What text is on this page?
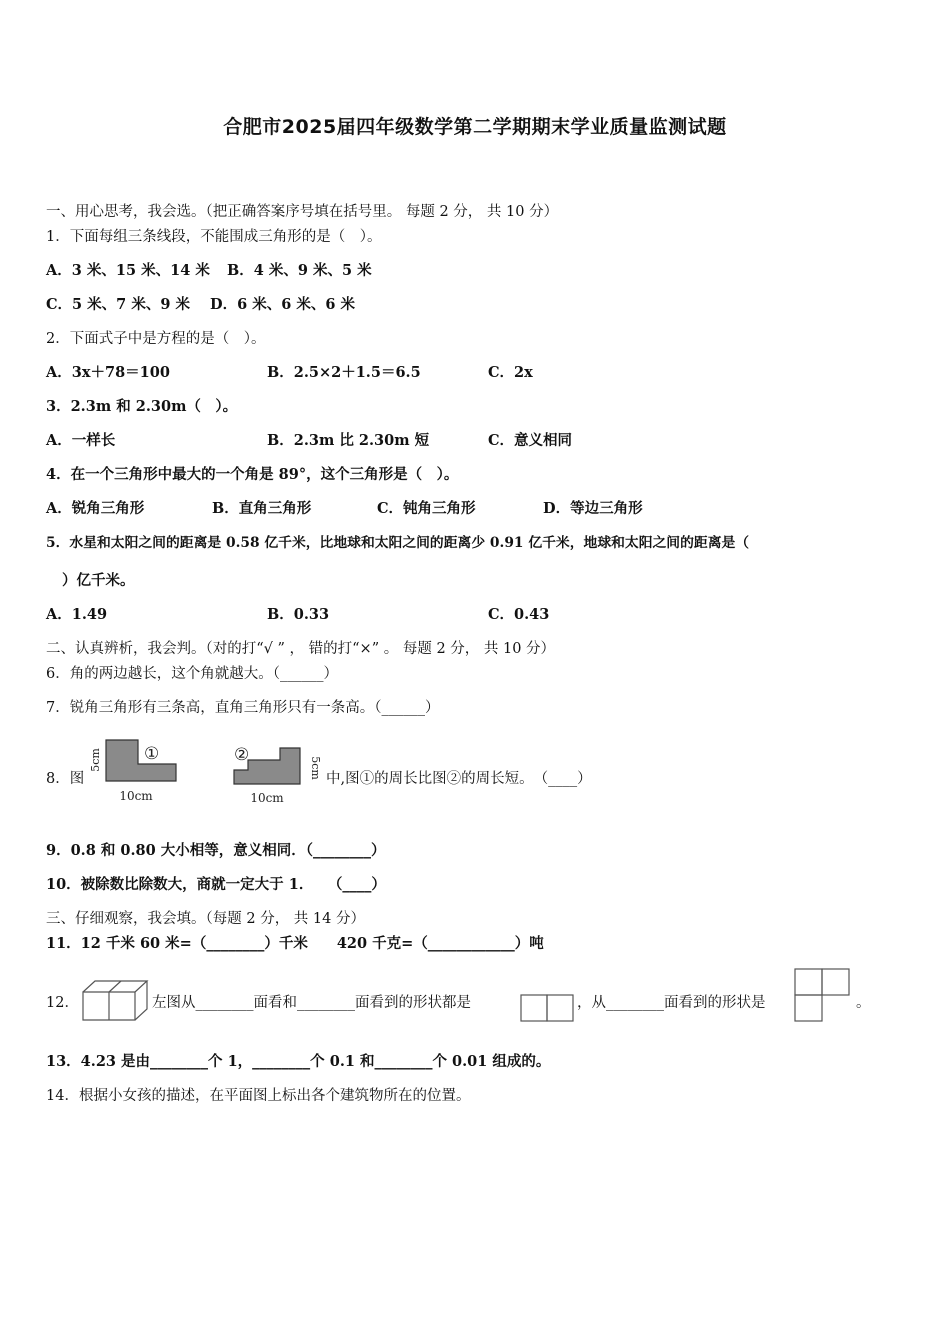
合肥市2025届四年级数学第二学期期末学业质量监测试题
一、用心思考，我会选。（把正确答案序号填在括号里。 每题 2 分， 共 10 分）
1．下面每组三条线段，不能围成三角形的是（　）。
A．3 米、15 米、14 米 B．4 米、9 米、5 米
C．5 米、7 米、9 米 D．6 米、6 米、6 米
2．下面式子中是方程的是（　）。
A．3x＋78＝100	B．2.5×2＋1.5＝6.5	C．2x
3．2.3m 和 2.30m（　）。
A．一样长	B．2.3m 比 2.30m 短	C．意义相同
4．在一个三角形中最大的一个角是 89°，这个三角形是（　）。
A．锐角三角形	B．直角三角形	C．钝角三角形	D．等边三角形
5．水星和太阳之间的距离是 0.58 亿千米，比地球和太阳之间的距离少 0.91 亿千米，地球和太阳之间的距离是（
）亿千米。
A．1.49	B．0.33	C．0.43
二、认真辨析，我会判。（对的打“√ ” ， 错的打“×” 。 每题 2 分， 共 10 分）
6．角的两边越长，这个角就越大。（______）
7．锐角三角形有三条高，直角三角形只有一条高。（______）
8．图
5cm ①
10cm
②
5cm
10cm
中,图①的周长比图②的周长短。　（____）
9．0.8 和 0.80 大小相等，意义相同．（________）
10．被除数比除数大，商就一定大于 1．　　（____）
三、仔细观察，我会填。（每题 2 分， 共 14 分）
11．12 千米 60 米=（________）千米　　420 千克=（____________）吨
12．	左图从________面看和________面看到的形状都是	，从________面看到的形状是	。
13．4.23 是由________个 1，________个 0.1 和________个 0.01 组成的。
14．根据小女孩的描述，在平面图上标出各个建筑物所在的位置。
